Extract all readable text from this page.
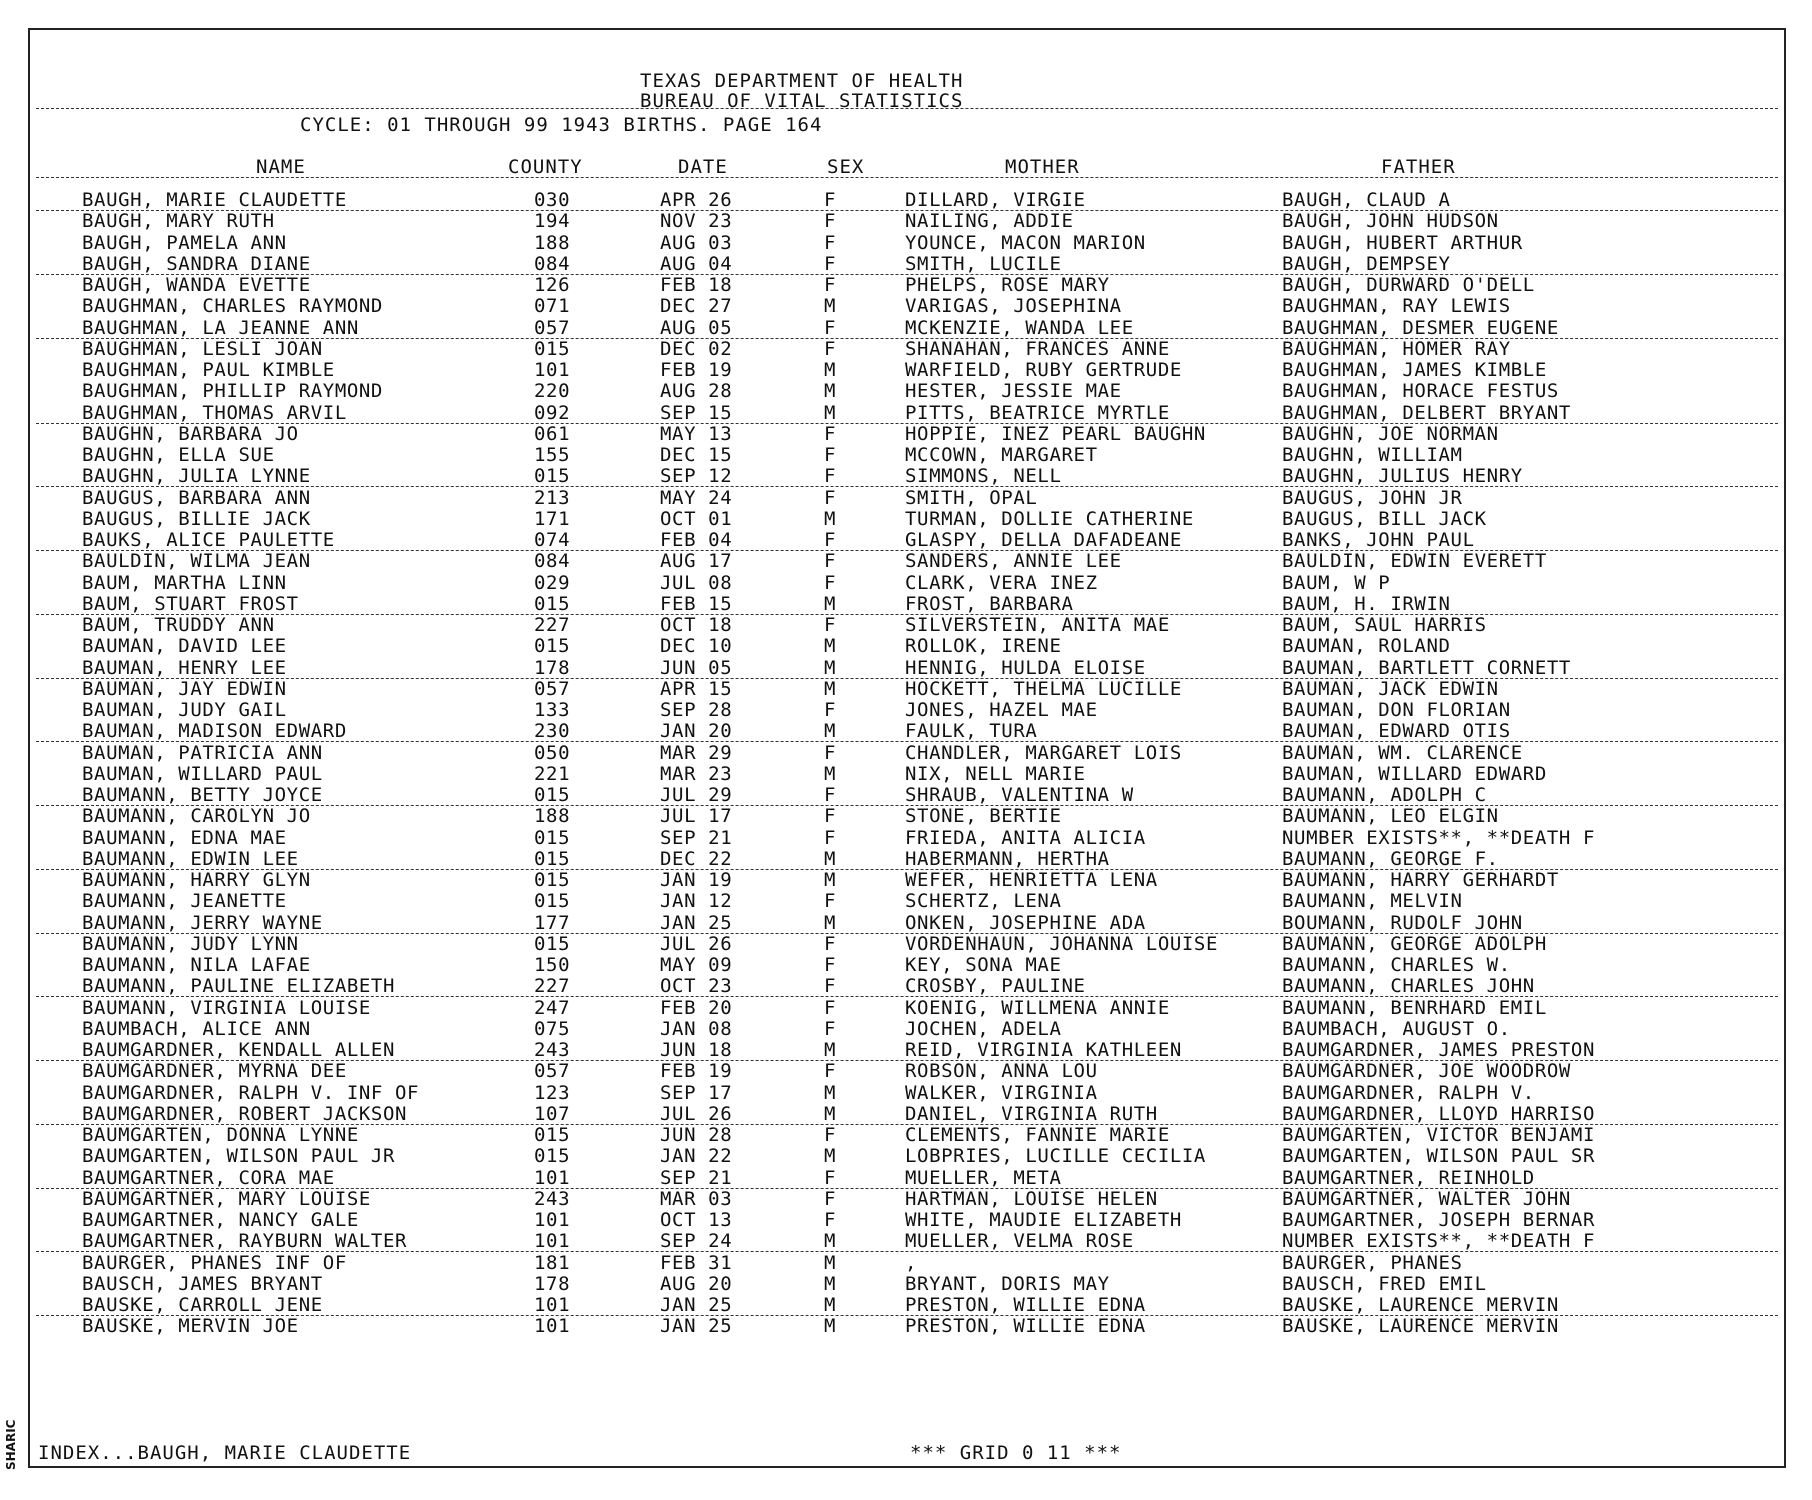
TEXAS DEPARTMENT OF HEALTH
BUREAU OF VITAL STATISTICS
CYCLE: 01 THROUGH 99 1943 BIRTHS. PAGE 164
NAME	COUNTY	DATE	SEX	MOTHER	FATHER
BAUGH, MARIE CLAUDETTE	030	APR 26	F	DILLARD, VIRGIE	BAUGH, CLAUD A
BAUGH, MARY RUTH	194	NOV 23	F	NAILING, ADDIE	BAUGH, JOHN HUDSON
BAUGH, PAMELA ANN	188	AUG 03	F	YOUNCE, MACON MARION	BAUGH, HUBERT ARTHUR
BAUGH, SANDRA DIANE	084	AUG 04	F	SMITH, LUCILE	BAUGH, DEMPSEY
BAUGH, WANDA EVETTE	126	FEB 18	F	PHELPS, ROSE MARY	BAUGH, DURWARD O'DELL
BAUGHMAN, CHARLES RAYMOND	071	DEC 27	M	VARIGAS, JOSEPHINA	BAUGHMAN, RAY LEWIS
BAUGHMAN, LA JEANNE ANN	057	AUG 05	F	MCKENZIE, WANDA LEE	BAUGHMAN, DESMER EUGENE
BAUGHMAN, LESLI JOAN	015	DEC 02	F	SHANAHAN, FRANCES ANNE	BAUGHMAN, HOMER RAY
BAUGHMAN, PAUL KIMBLE	101	FEB 19	M	WARFIELD, RUBY GERTRUDE	BAUGHMAN, JAMES KIMBLE
BAUGHMAN, PHILLIP RAYMOND	220	AUG 28	M	HESTER, JESSIE MAE	BAUGHMAN, HORACE FESTUS
BAUGHMAN, THOMAS ARVIL	092	SEP 15	M	PITTS, BEATRICE MYRTLE	BAUGHMAN, DELBERT BRYANT
BAUGHN, BARBARA JO	061	MAY 13	F	HOPPIE, INEZ PEARL BAUGHN	BAUGHN, JOE NORMAN
BAUGHN, ELLA SUE	155	DEC 15	F	MCCOWN, MARGARET	BAUGHN, WILLIAM
BAUGHN, JULIA LYNNE	015	SEP 12	F	SIMMONS, NELL	BAUGHN, JULIUS HENRY
BAUGUS, BARBARA ANN	213	MAY 24	F	SMITH, OPAL	BAUGUS, JOHN JR
BAUGUS, BILLIE JACK	171	OCT 01	M	TURMAN, DOLLIE CATHERINE	BAUGUS, BILL JACK
BAUKS, ALICE PAULETTE	074	FEB 04	F	GLASPY, DELLA DAFADEANE	BANKS, JOHN PAUL
BAULDIN, WILMA JEAN	084	AUG 17	F	SANDERS, ANNIE LEE	BAULDIN, EDWIN EVERETT
BAUM, MARTHA LINN	029	JUL 08	F	CLARK, VERA INEZ	BAUM, W P
BAUM, STUART FROST	015	FEB 15	M	FROST, BARBARA	BAUM, H. IRWIN
BAUM, TRUDDY ANN	227	OCT 18	F	SILVERSTEIN, ANITA MAE	BAUM, SAUL HARRIS
BAUMAN, DAVID LEE	015	DEC 10	M	ROLLOK, IRENE	BAUMAN, ROLAND
BAUMAN, HENRY LEE	178	JUN 05	M	HENNIG, HULDA ELOISE	BAUMAN, BARTLETT CORNETT
BAUMAN, JAY EDWIN	057	APR 15	M	HOCKETT, THELMA LUCILLE	BAUMAN, JACK EDWIN
BAUMAN, JUDY GAIL	133	SEP 28	F	JONES, HAZEL MAE	BAUMAN, DON FLORIAN
BAUMAN, MADISON EDWARD	230	JAN 20	M	FAULK, TURA	BAUMAN, EDWARD OTIS
BAUMAN, PATRICIA ANN	050	MAR 29	F	CHANDLER, MARGARET LOIS	BAUMAN, WM. CLARENCE
BAUMAN, WILLARD PAUL	221	MAR 23	M	NIX, NELL MARIE	BAUMAN, WILLARD EDWARD
BAUMANN, BETTY JOYCE	015	JUL 29	F	SHRAUB, VALENTINA W	BAUMANN, ADOLPH C
BAUMANN, CAROLYN JO	188	JUL 17	F	STONE, BERTIE	BAUMANN, LEO ELGIN
BAUMANN, EDNA MAE	015	SEP 21	F	FRIEDA, ANITA ALICIA	NUMBER EXISTS**, **DEATH F
BAUMANN, EDWIN LEE	015	DEC 22	M	HABERMANN, HERTHA	BAUMANN, GEORGE F.
BAUMANN, HARRY GLYN	015	JAN 19	M	WEFER, HENRIETTA LENA	BAUMANN, HARRY GERHARDT
BAUMANN, JEANETTE	015	JAN 12	F	SCHERTZ, LENA	BAUMANN, MELVIN
BAUMANN, JERRY WAYNE	177	JAN 25	M	ONKEN, JOSEPHINE ADA	BOUMANN, RUDOLF JOHN
BAUMANN, JUDY LYNN	015	JUL 26	F	VORDENHAUN, JOHANNA LOUISE	BAUMANN, GEORGE ADOLPH
BAUMANN, NILA LAFAE	150	MAY 09	F	KEY, SONA MAE	BAUMANN, CHARLES W.
BAUMANN, PAULINE ELIZABETH	227	OCT 23	F	CROSBY, PAULINE	BAUMANN, CHARLES JOHN
BAUMANN, VIRGINIA LOUISE	247	FEB 20	F	KOENIG, WILLMENA ANNIE	BAUMANN, BENRHARD EMIL
BAUMBACH, ALICE ANN	075	JAN 08	F	JOCHEN, ADELA	BAUMBACH, AUGUST O.
BAUMGARDNER, KENDALL ALLEN	243	JUN 18	M	REID, VIRGINIA KATHLEEN	BAUMGARDNER, JAMES PRESTON
BAUMGARDNER, MYRNA DEE	057	FEB 19	F	ROBSON, ANNA LOU	BAUMGARDNER, JOE WOODROW
BAUMGARDNER, RALPH V. INF OF	123	SEP 17	M	WALKER, VIRGINIA	BAUMGARDNER, RALPH V.
BAUMGARDNER, ROBERT JACKSON	107	JUL 26	M	DANIEL, VIRGINIA RUTH	BAUMGARDNER, LLOYD HARRISO
BAUMGARTEN, DONNA LYNNE	015	JUN 28	F	CLEMENTS, FANNIE MARIE	BAUMGARTEN, VICTOR BENJAMI
BAUMGARTEN, WILSON PAUL JR	015	JAN 22	M	LOBPRIES, LUCILLE CECILIA	BAUMGARTEN, WILSON PAUL SR
BAUMGARTNER, CORA MAE	101	SEP 21	F	MUELLER, META	BAUMGARTNER, REINHOLD
BAUMGARTNER, MARY LOUISE	243	MAR 03	F	HARTMAN, LOUISE HELEN	BAUMGARTNER, WALTER JOHN
BAUMGARTNER, NANCY GALE	101	OCT 13	F	WHITE, MAUDIE ELIZABETH	BAUMGARTNER, JOSEPH BERNAR
BAUMGARTNER, RAYBURN WALTER	101	SEP 24	M	MUELLER, VELMA ROSE	NUMBER EXISTS**, **DEATH F
BAURGER, PHANES INF OF	181	FEB 31	M	,	BAURGER, PHANES
BAUSCH, JAMES BRYANT	178	AUG 20	M	BRYANT, DORIS MAY	BAUSCH, FRED EMIL
BAUSKE, CARROLL JENE	101	JAN 25	M	PRESTON, WILLIE EDNA	BAUSKE, LAURENCE MERVIN
BAUSKE, MERVIN JOE	101	JAN 25	M	PRESTON, WILLIE EDNA	BAUSKE, LAURENCE MERVIN
INDEX...BAUGH, MARIE CLAUDETTE	*** GRID 0 11 ***
SHARIC
